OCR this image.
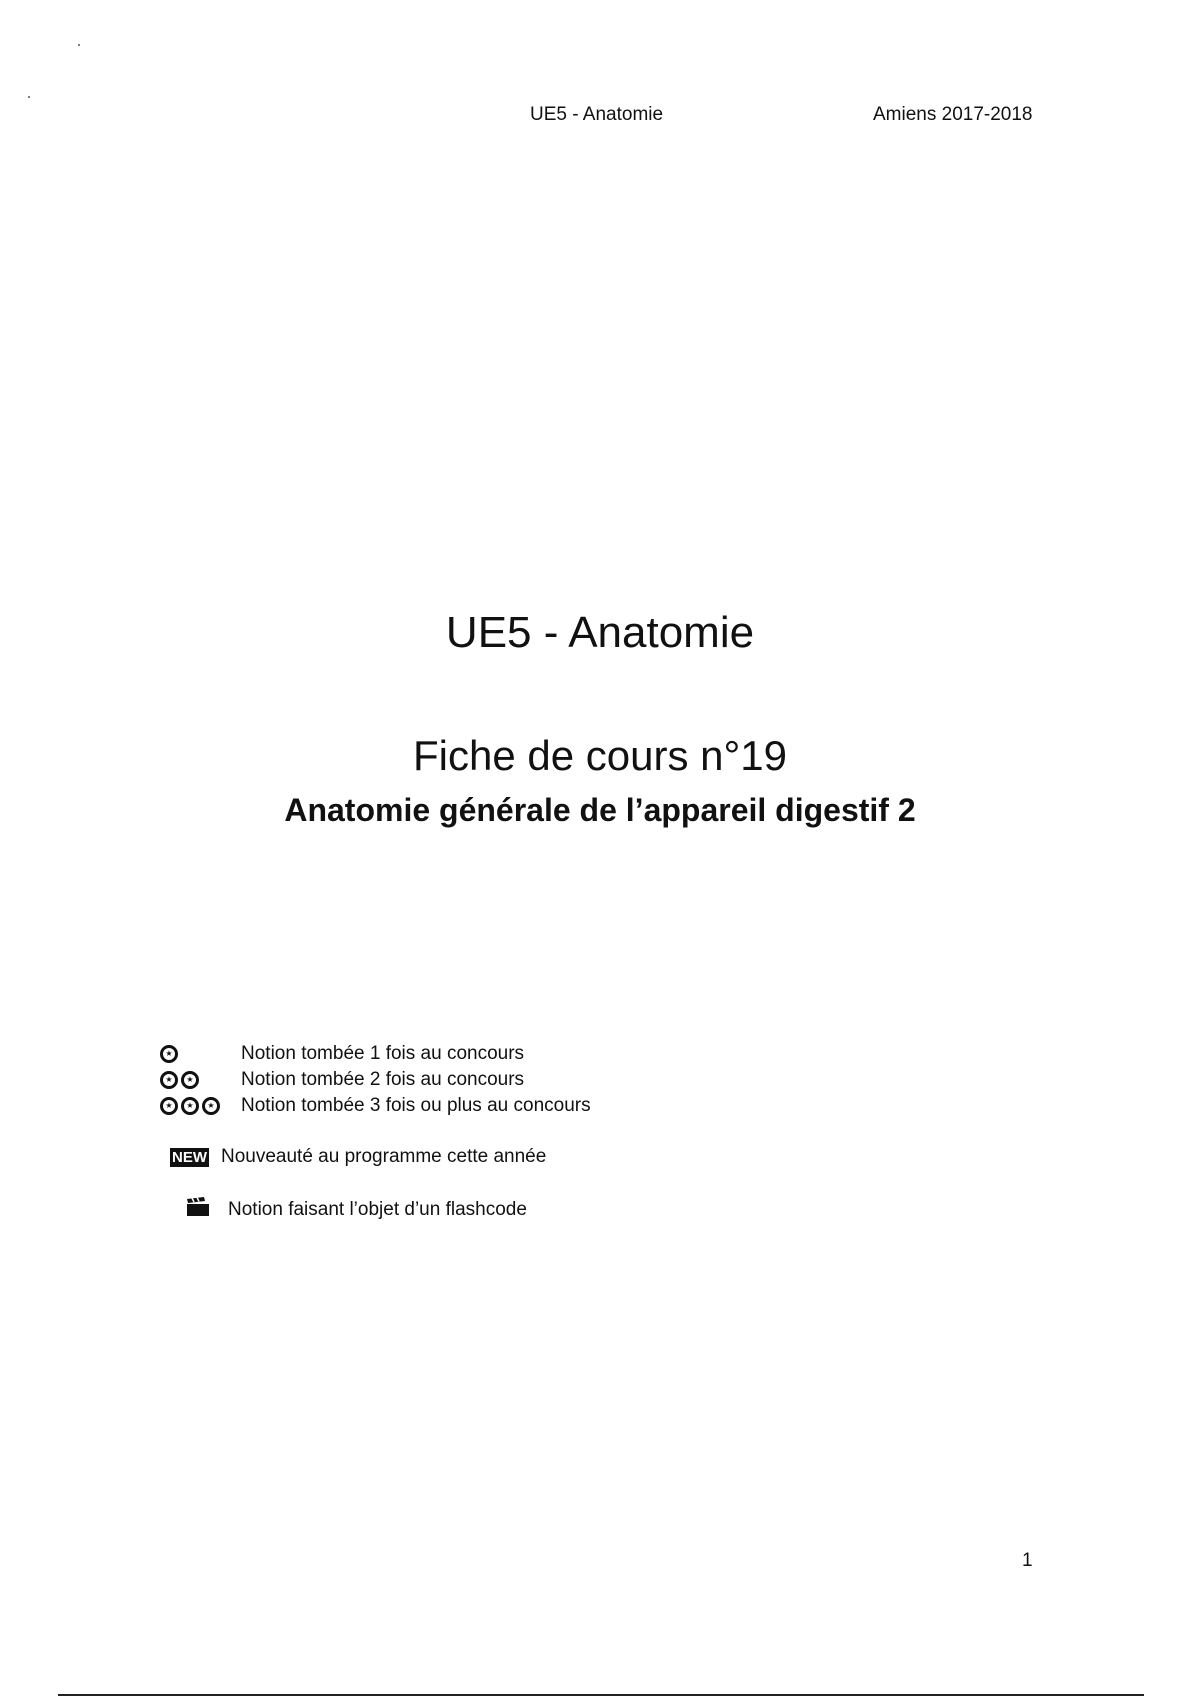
UE5 - Anatomie	Amiens 2017-2018
UE5 - Anatomie
Fiche de cours n°19
Anatomie générale de l’appareil digestif 2
★	Notion tombée 1 fois au concours
★	★ Notion tombée 2 fois au concours
★	★	★ Notion tombée 3 fois ou plus au concours
NEW Nouveauté au programme cette année
Notion faisant l’objet d’un flashcode
1
